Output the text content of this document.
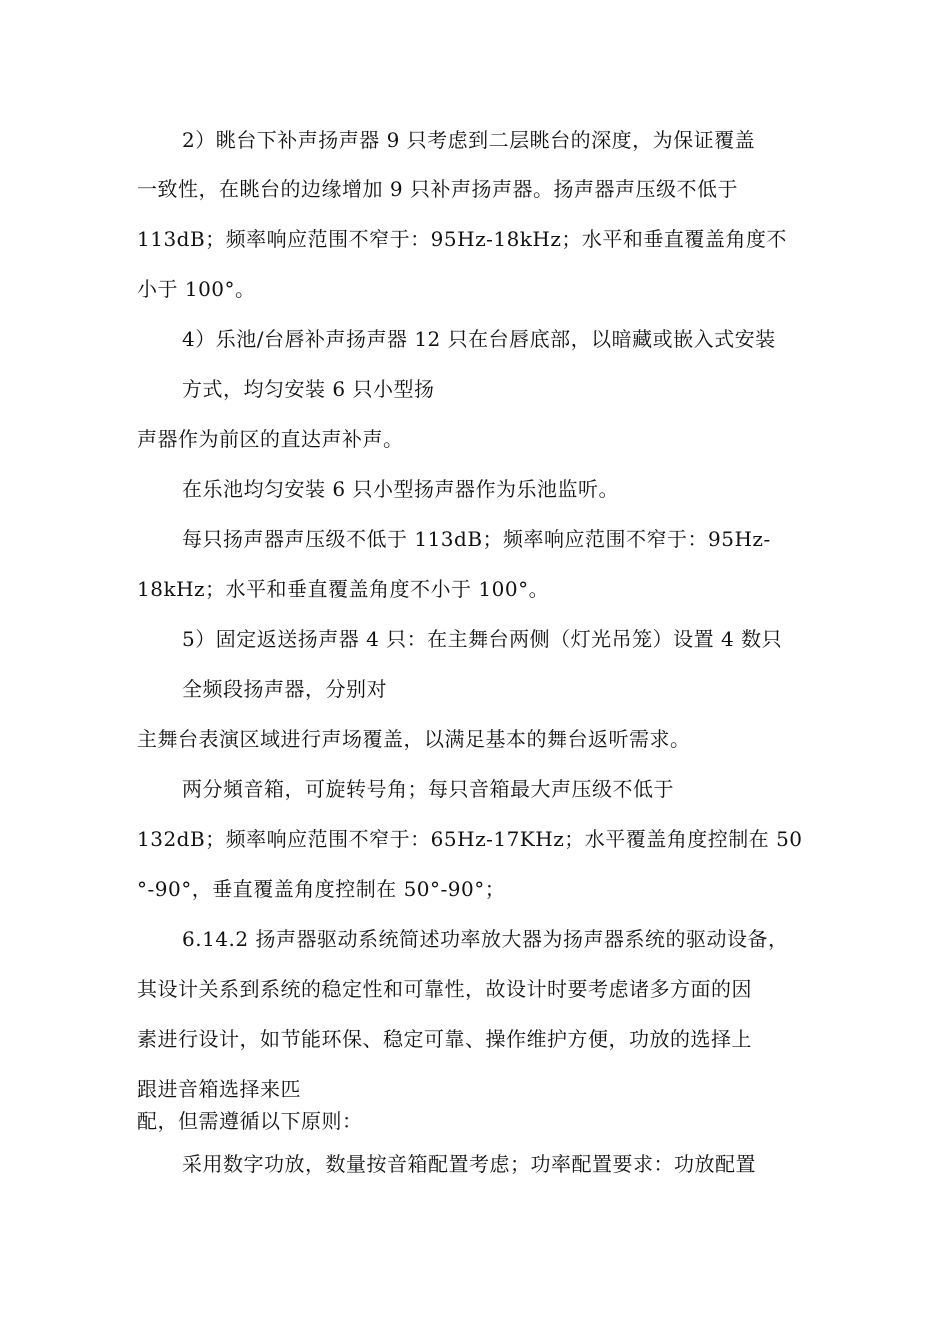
2）眺台下补声扬声器 9 只考虑到二层眺台的深度，为保证覆盖
一致性，在眺台的边缘增加 9 只补声扬声器。扬声器声压级不低于
113dB；频率响应范围不窄于：95Hz-18kHz；水平和垂直覆盖角度不
小于 100°。
4）乐池/台唇补声扬声器 12 只在台唇底部，以暗藏或嵌入式安装
方式，均匀安装 6 只小型扬
声器作为前区的直达声补声。
在乐池均匀安装 6 只小型扬声器作为乐池监听。
每只扬声器声压级不低于 113dB；频率响应范围不窄于：95Hz-
18kHz；水平和垂直覆盖角度不小于 100°。
5）固定返送扬声器 4 只：在主舞台两侧（灯光吊笼）设置 4 数只
全频段扬声器，分别对
主舞台表演区域进行声场覆盖，以满足基本的舞台返听需求。
两分頻音箱，可旋转号角；每只音箱最大声压级不低于
132dB；频率响应范围不窄于：65Hz-17KHz；水平覆盖角度控制在 50
°-90°，垂直覆盖角度控制在 50°-90°；
6.14.2 扬声器驱动系统简述功率放大器为扬声器系统的驱动设备，
其设计关系到系统的稳定性和可靠性，故设计时要考虑诸多方面的因
素进行设计，如节能环保、稳定可靠、操作维护方便，功放的选择上
跟进音箱选择来匹
配，但需遵循以下原则：
采用数字功放，数量按音箱配置考虑；功率配置要求：功放配置
